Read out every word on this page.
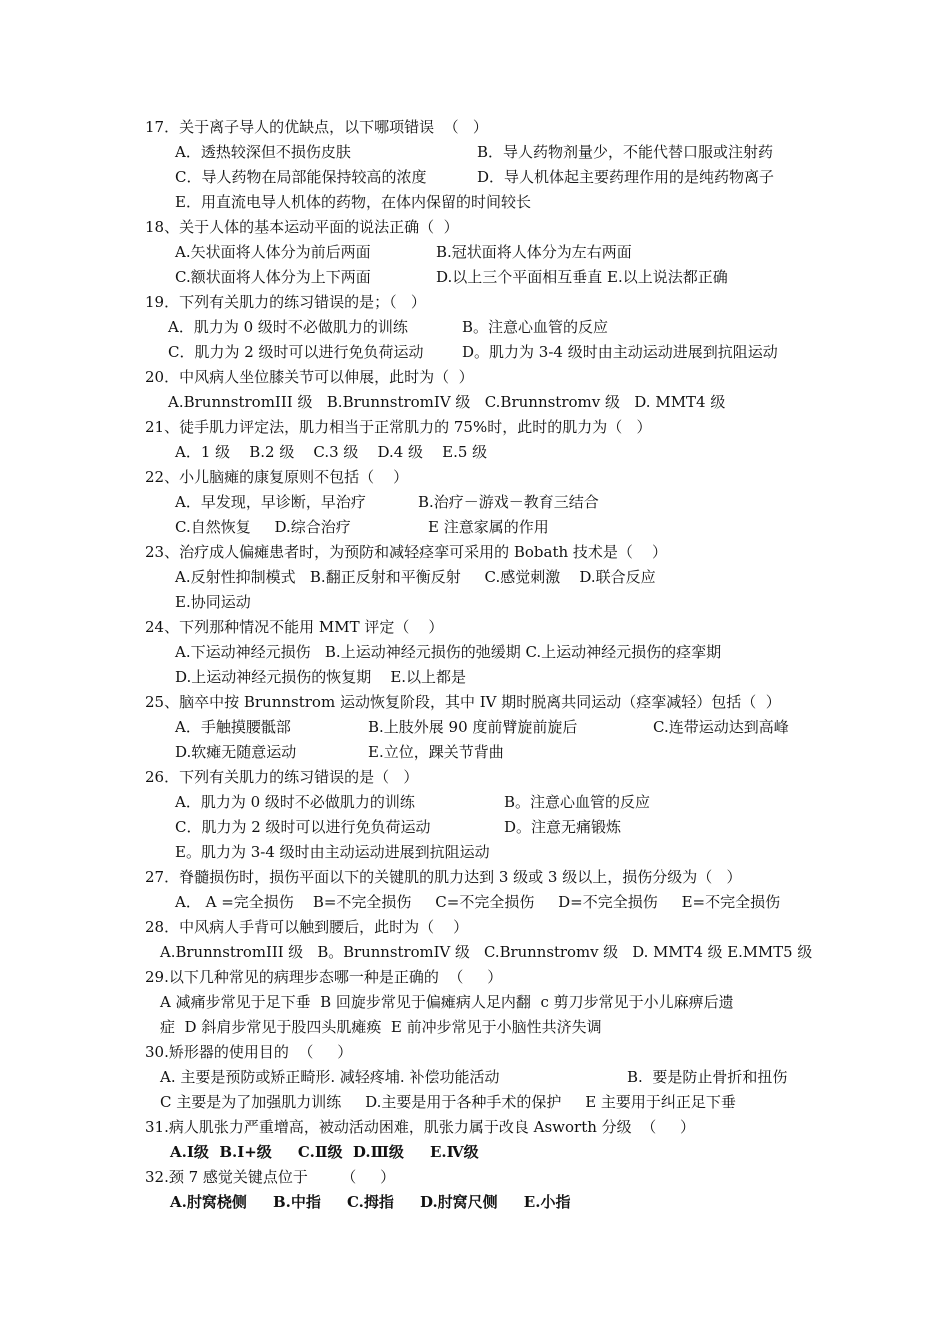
17．关于离子导人的优缺点，以下哪项错误  （   ）
A．透热较深但不损伤皮肤	B．导人药物剂量少，不能代替口服或注射药
C．导人药物在局部能保持较高的浓度	D．导人机体起主要药理作用的是纯药物离子
E．用直流电导人机体的药物，在体内保留的时间较长
18、关于人体的基本运动平面的说法正确（  ）
A.矢状面将人体分为前后两面	B.冠状面将人体分为左右两面
C.额状面将人体分为上下两面	D.以上三个平面相互垂直 E.以上说法都正确
19．下列有关肌力的练习错误的是；（   ）
A．肌力为 0 级时不必做肌力的训练	B。注意心血管的反应
C．肌力为 2 级时可以进行免负荷运动	D。肌力为 3-4 级时由主动运动进展到抗阻运动
20．中风病人坐位膝关节可以伸展，此时为（  ）
A.BrunnstromIII 级   B.BrunnstromIV 级   C.Brunnstromv 级   D. MMT4 级
21、徒手肌力评定法，肌力相当于正常肌力的 75%时，此时的肌力为（   ）
A．1 级    B.2 级    C.3 级    D.4 级    E.5 级
22、小儿脑瘫的康复原则不包括（    ）
A．早发现，早诊断，早治疗	B.治疗－游戏－教育三结合
C.自然恢复     D.综合治疗	E 注意家属的作用
23、治疗成人偏瘫患者时，为预防和减轻痉挛可采用的 Bobath 技术是（    ）
A.反射性抑制模式   B.翻正反射和平衡反射     C.感觉刺激    D.联合反应
E.协同运动
24、下列那种情况不能用 MMT 评定（    ）
A.下运动神经元损伤   B.上运动神经元损伤的弛缓期 C.上运动神经元损伤的痉挛期
D.上运动神经元损伤的恢复期    E.以上都是
25、脑卒中按 Brunnstrom 运动恢复阶段，其中 IV 期时脱离共同运动（痉挛减轻）包括（  ）
A．手触摸腰骶部	B.上肢外展 90 度前臂旋前旋后	C.连带运动达到高峰
D.软瘫无随意运动	E.立位，踝关节背曲
26．下列有关肌力的练习错误的是（   ）
A．肌力为 0 级时不必做肌力的训练	B。注意心血管的反应
C．肌力为 2 级时可以进行免负荷运动	D。注意无痛锻炼
E。肌力为 3-4 级时由主动运动进展到抗阻运动
27．脊髓损伤时，损伤平面以下的关键肌的肌力达到 3 级或 3 级以上，损伤分级为（   ）
A． A =完全损伤    B=不完全损伤     C=不完全损伤     D=不完全损伤     E=不完全损伤
28．中风病人手背可以触到腰后，此时为（    ）
A.BrunnstromIII 级   B。BrunnstromIV 级   C.Brunnstromv 级   D. MMT4 级 E.MMT5 级
29.以下几种常见的病理步态哪一种是正确的  （     ）
A 减痛步常见于足下垂  B 回旋步常见于偏瘫病人足内翻  c 剪刀步常见于小儿麻痹后遗
症  D 斜肩步常见于股四头肌瘫痪  E 前冲步常见于小脑性共济失调
30.矫形器的使用目的  （     ）
A. 主要是预防或矫正畸形. 减轻疼埔. 补偿功能活动	B.  要是防止骨折和扭伤
C 主要是为了加强肌力训练     D.主要是用于各种手术的保护     E 主要用于纠正足下垂
31.病人肌张力严重增高，被动活动困难，肌张力属于改良 Asworth 分级  （     ）
A.Ⅰ级  B.Ⅰ+级     C.Ⅱ级  D.Ⅲ级     E.Ⅳ级
32.颈 7 感觉关键点位于       （     ）
A.肘窝桡侧     B.中指     C.拇指     D.肘窝尺侧     E.小指
